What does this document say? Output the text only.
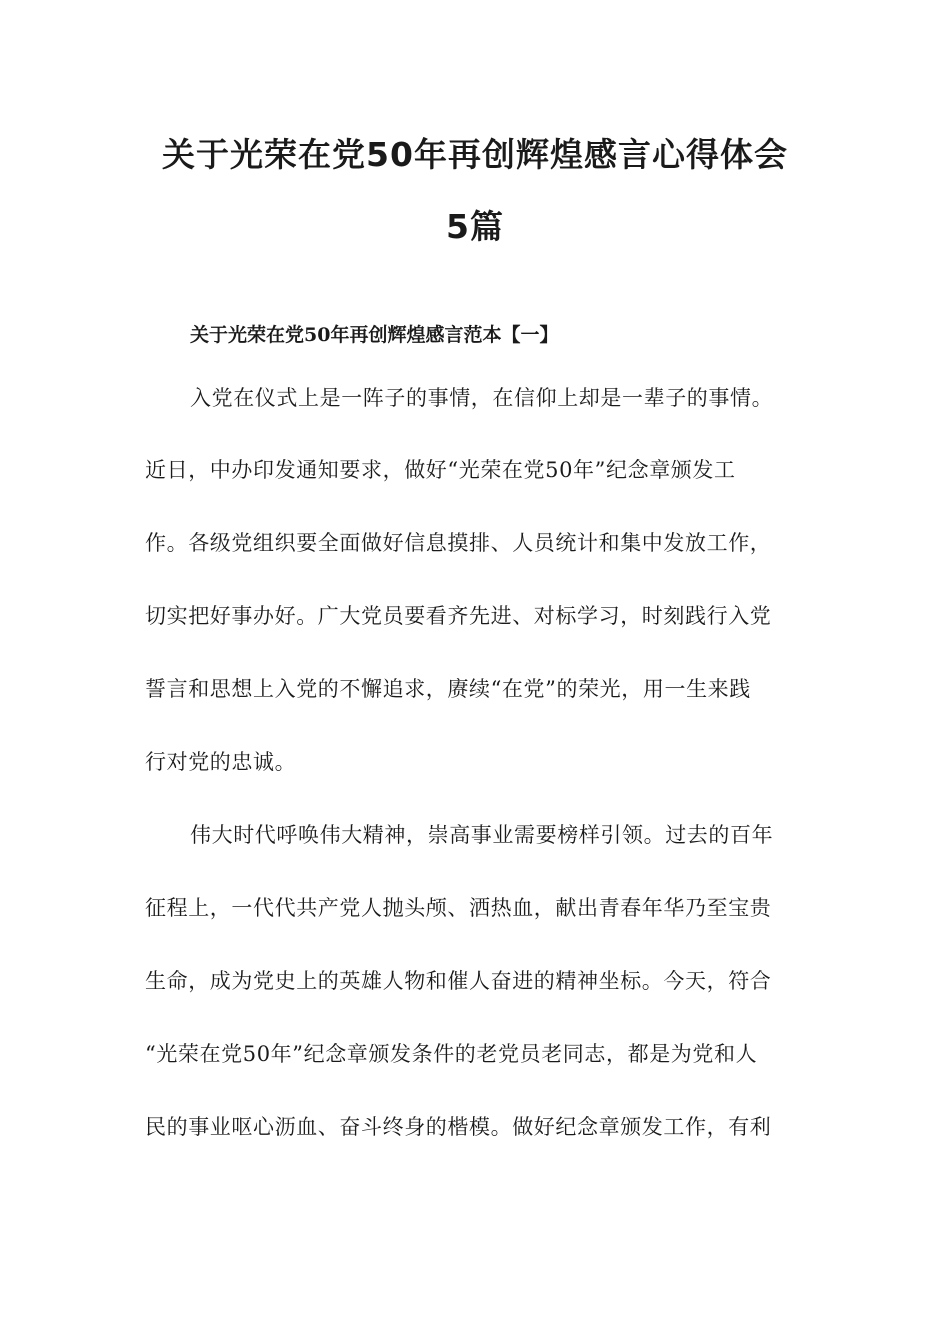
关于光荣在党50年再创辉煌感言心得体会
5篇
关于光荣在党50年再创辉煌感言范本【一】

入党在仪式上是一阵子的事情，在信仰上却是一辈子的事情。

近日，中办印发通知要求，做好“光荣在党50年”纪念章颁发工

作。各级党组织要全面做好信息摸排、人员统计和集中发放工作，

切实把好事办好。广大党员要看齐先进、对标学习，时刻践行入党

誓言和思想上入党的不懈追求，赓续“在党”的荣光，用一生来践

行对党的忠诚。

伟大时代呼唤伟大精神，崇高事业需要榜样引领。过去的百年

征程上，一代代共产党人抛头颅、洒热血，献出青春年华乃至宝贵

生命，成为党史上的英雄人物和催人奋进的精神坐标。今天，符合

“光荣在党50年”纪念章颁发条件的老党员老同志，都是为党和人

民的事业呕心沥血、奋斗终身的楷模。做好纪念章颁发工作，有利
